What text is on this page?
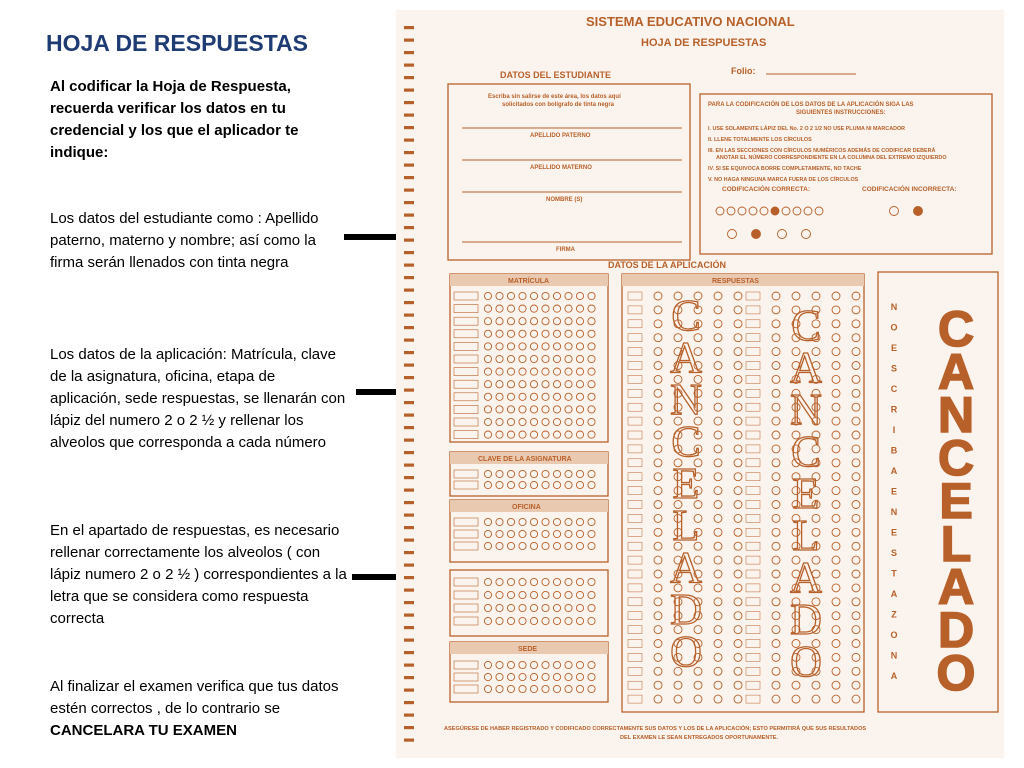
HOJA DE RESPUESTAS
Al codificar la Hoja de Respuesta, recuerda verificar los datos en tu credencial y los que el aplicador te indique:
Los datos del estudiante como : Apellido paterno, materno y nombre; así como la firma serán llenados con tinta negra
Los datos de la aplicación: Matrícula, clave de la asignatura, oficina, etapa de aplicación, sede respuestas, se llenarán con lápiz del numero 2 o 2 ½ y rellenar los alveolos que corresponda a cada número
En el apartado de respuestas, es necesario rellenar correctamente los alveolos ( con lápiz numero 2 o 2 ½ ) correspondientes a la letra que se considera como respuesta correcta
Al finalizar el examen verifica que tus datos estén correctos , de lo contrario se CANCELARA TU EXAMEN
SISTEMA EDUCATIVO NACIONAL
HOJA DE RESPUESTAS
Folio:
DATOS DEL ESTUDIANTE
Escriba sin salirse de este área, los datos aquí
solicitados con bolígrafo de tinta negra
APELLIDO PATERNO
APELLIDO MATERNO
NOMBRE (S)
FIRMA
PARA LA CODIFICACIÓN DE LOS DATOS DE LA APLICACIÓN SIGA LAS
SIGUIENTES INSTRUCCIONES:
I. USE SOLAMENTE LÁPIZ DEL No. 2 O 2 1/2 NO USE PLUMA NI MARCADOR
II. LLENE TOTALMENTE LOS CÍRCULOS
III. EN LAS SECCIONES CON CÍRCULOS NUMÉRICOS ADEMÁS DE CODIFICAR DEBERÁ
ANOTAR EL NÚMERO CORRESPONDIENTE EN LA COLUMNA DEL EXTREMO IZQUIERDO
IV. SI SE EQUIVOCA BORRE COMPLETAMENTE, NO TACHE
V. NO HAGA NINGUNA MARCA FUERA DE LOS CÍRCULOS
CODIFICACIÓN CORRECTA:	CODIFICACIÓN INCORRECTA:
DATOS DE LA APLICACIÓN
MATRÍCULA
CLAVE DE LA ASIGNATURA
OFICINA
SEDE
RESPUESTAS
C C
A A
N N
C C
E E
L L
A A
D D
O O
N
O
E
S
C
R
I
B
A
E
N
E
S
T
A
Z
O
N
A
C
A
N
C
E
L
A
D
O
ASEGÚRESE DE HABER REGISTRADO Y CODIFICADO CORRECTAMENTE SUS DATOS Y LOS DE LA APLICACIÓN; ESTO PERMITIRÁ QUE SUS RESULTADOS
DEL EXAMEN LE SEAN ENTREGADOS OPORTUNAMENTE.
